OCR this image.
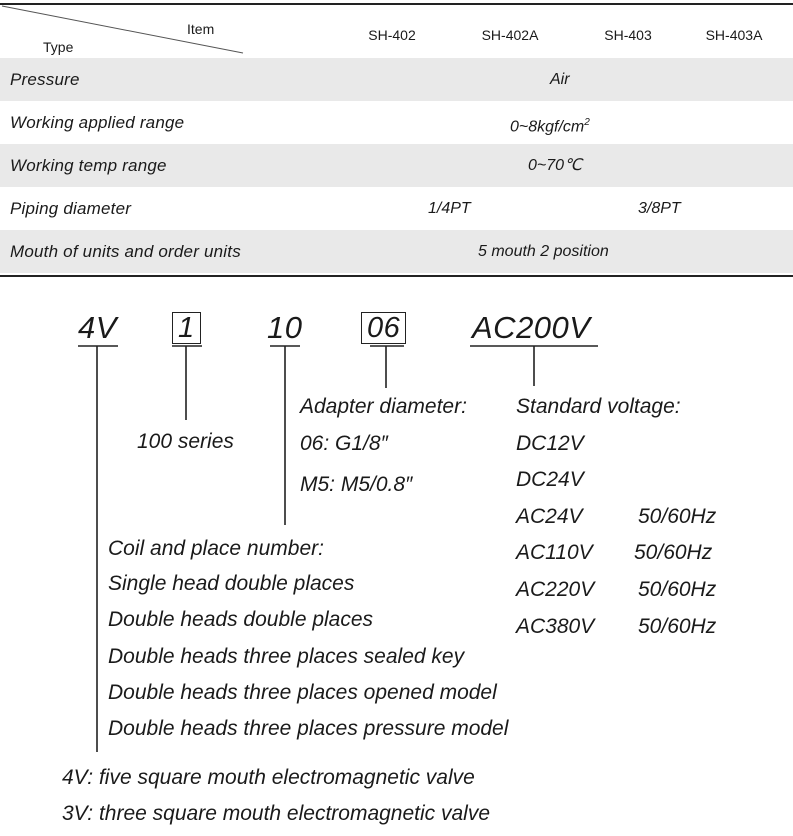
Item
Type
SH-402	SH-402A	SH-403	SH-403A
Pressure	Air
Working applied range	$0\sim 8kgf/cm^2$
Working temp range	0~70℃
Piping diameter	1/4PT	3/8PT
Mouth of units and order units	5 mouth 2 position
4V 1 10 06 AC200V
100 series
Adapter diameter:
06: G1/8″
M5: M5/0.8″
Standard voltage:
DC12V
DC24V
AC24V	50/60Hz
AC110V 50/60Hz
AC220V 50/60Hz
AC380V 50/60Hz
Coil and place number:
Single head double places
Double heads double places
Double heads three places sealed key
Double heads three places opened model
Double heads three places pressure model
4V: five square mouth electromagnetic valve
3V: three square mouth electromagnetic valve
